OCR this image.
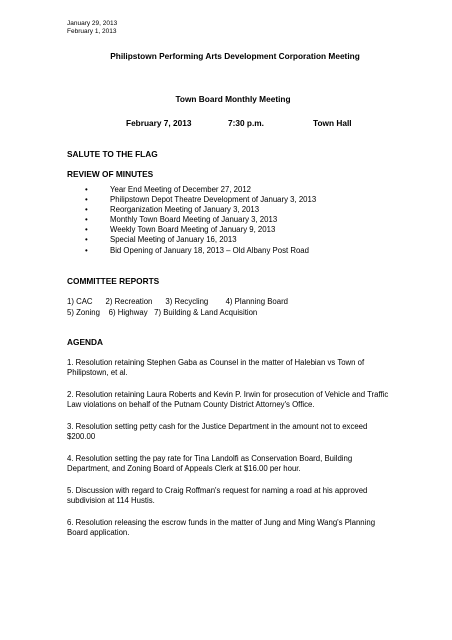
January 29, 2013
February 1, 2013
Philipstown Performing Arts Development Corporation Meeting
Town Board Monthly Meeting
February 7, 2013	7:30 p.m.	Town Hall
SALUTE TO THE FLAG
REVIEW OF MINUTES
•	Year End Meeting of December 27, 2012
•	Philipstown Depot Theatre Development of January 3, 2013
•	Reorganization Meeting of January 3, 2013
•	Monthly Town Board Meeting of January 3, 2013
•	Weekly Town Board Meeting of January 9, 2013
•	Special Meeting of January 16, 2013
•	Bid Opening of January 18, 2013 – Old Albany Post Road
COMMITTEE REPORTS
1) CAC      2) Recreation      3) Recycling        4) Planning Board
5) Zoning    6) Highway   7) Building & Land Acquisition
AGENDA
1. Resolution retaining Stephen Gaba as Counsel in the matter of Halebian vs Town of Philipstown, et al.
2. Resolution retaining Laura Roberts and Kevin P. Irwin for prosecution of Vehicle and Traffic Law violations on behalf of the Putnam County District Attorney's Office.
3. Resolution setting petty cash for the Justice Department in the amount not to exceed $200.00
4. Resolution setting the pay rate for Tina Landolfi as Conservation Board, Building Department, and Zoning Board of Appeals Clerk at $16.00 per hour.
5. Discussion with regard to Craig Roffman's request for naming a road at his approved subdivision at 114 Hustis.
6. Resolution releasing the escrow funds in the matter of Jung and Ming Wang's Planning Board application.
